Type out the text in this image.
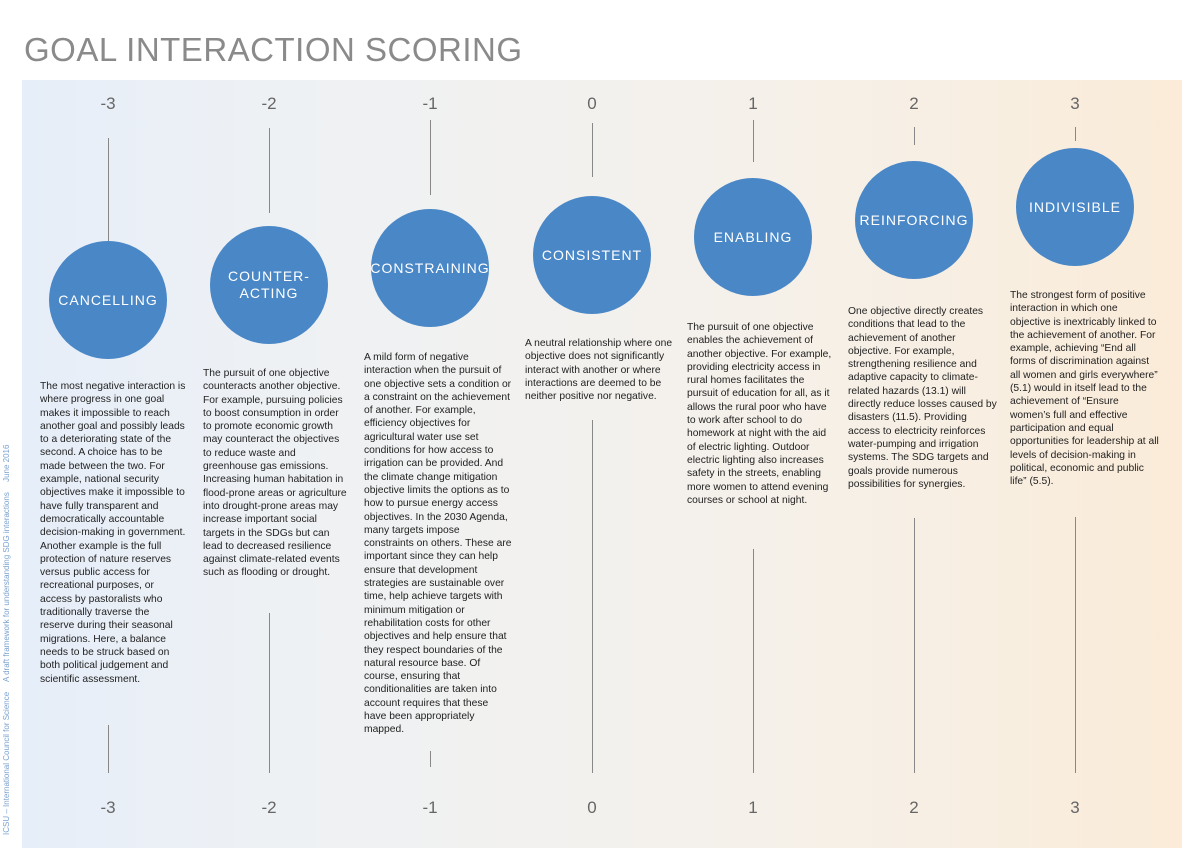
GOAL INTERACTION SCORING
ICSU – International Council for Science A draft framework for understanding SDG interactions June 2016
-3
CANCELLING

The most negative interaction is where progress in one goal makes it impossible to reach another goal and possibly leads to a deteriorating state of the second. A choice has to be made between the two. For example, national security objectives make it impossible to have fully transparent and democratically accountable decision-making in government. Another example is the full protection of nature reserves versus public access for recreational purposes, or access by pastoralists who traditionally traverse the reserve during their seasonal migrations. Here, a balance needs to be struck based on both political judgement and scientific assessment.

-3
-2
COUNTER-
ACTING

The pursuit of one objective counteracts another objective. For example, pursuing policies to boost consumption in order to promote economic growth may counteract the objectives to reduce waste and greenhouse gas emissions. Increasing human habitation in flood-prone areas or agriculture into drought-prone areas may increase important social targets in the SDGs but can lead to decreased resilience against climate-related events such as flooding or drought.

-2
-1
CONSTRAINING

A mild form of negative interaction when the pursuit of one objective sets a condition or a constraint on the achievement of another. For example, efficiency objectives for agricultural water use set conditions for how access to irrigation can be provided. And the climate change mitigation objective limits the options as to how to pursue energy access objectives. In the 2030 Agenda, many targets impose constraints on others. These are important since they can help ensure that development strategies are sustainable over time, help achieve targets with minimum mitigation or rehabilitation costs for other objectives and help ensure that they respect boundaries of the natural resource base. Of course, ensuring that conditionalities are taken into account requires that these have been appropriately mapped.

-1
0
CONSISTENT

A neutral relationship where one objective does not significantly interact with another or where interactions are deemed to be neither positive nor negative.

0
1
ENABLING

The pursuit of one objective enables the achievement of another objective. For example, providing electricity access in rural homes facilitates the pursuit of education for all, as it allows the rural poor who have to work after school to do homework at night with the aid of electric lighting. Outdoor electric lighting also increases safety in the streets, enabling more women to attend evening courses or school at night.

1
2
REINFORCING

One objective directly creates conditions that lead to the achievement of another objective. For example, strengthening resilience and adaptive capacity to climate-related hazards (13.1) will directly reduce losses caused by disasters (11.5). Providing access to electricity reinforces water-pumping and irrigation systems. The SDG targets and goals provide numerous possibilities for synergies.

2
3
INDIVISIBLE

The strongest form of positive interaction in which one objective is inextricably linked to the achievement of another. For example, achieving “End all forms of discrimination against all women and girls everywhere” (5.1) would in itself lead to the achievement of “Ensure women’s full and effective participation and equal opportunities for leadership at all levels of decision-making in political, economic and public life” (5.5).

3
